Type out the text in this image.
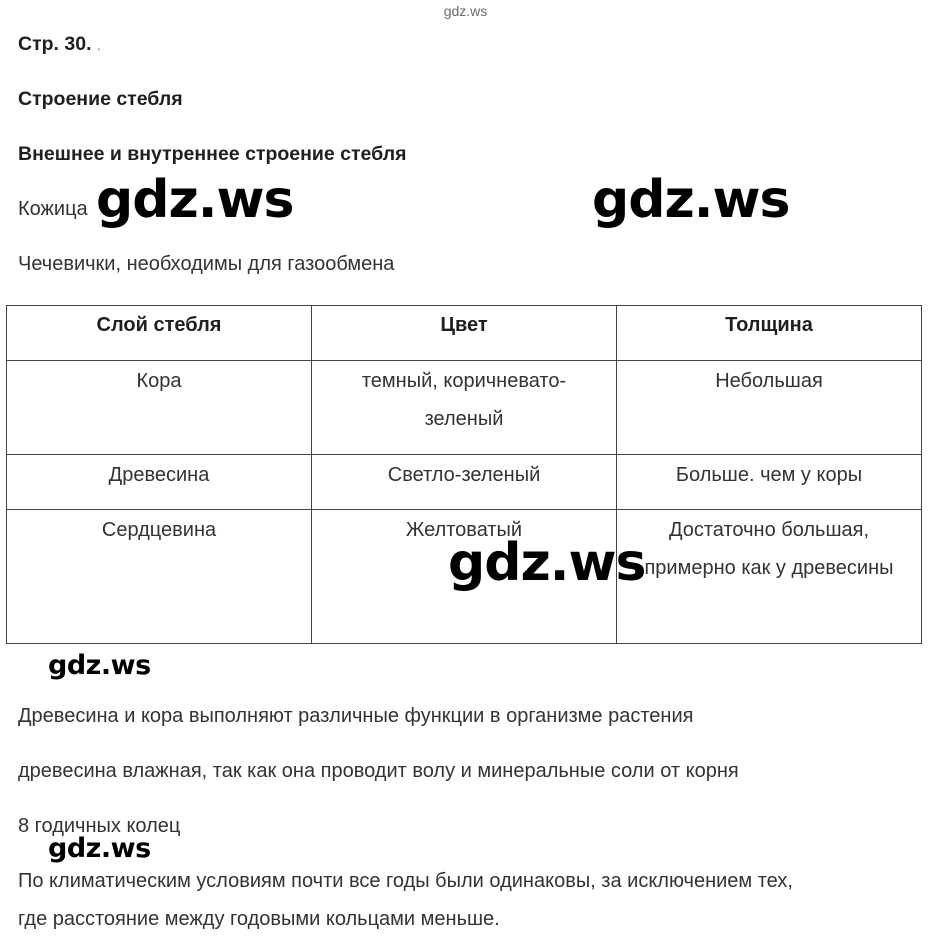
gdz.ws
Стр. 30. .
Строение стебля
Внешнее и внутреннее строение стебля
Кожица
Чечевички, необходимы для газообмена
Слой стебля	Цвет	Толщина
Кора	темный, коричневато-зеленый	Небольшая
Древесина	Светло-зеленый	Больше. чем у коры
Сердцевина	Желтоватый	Достаточно большая, примерно как у древесины
Древесина и кора выполняют различные функции в организме растения
древесина влажная, так как она проводит волу и минеральные соли от корня
8 годичных колец
По климатическим условиям почти все годы были одинаковы, за исключением тех,
где расстояние между годовыми кольцами меньше.
gdz.ws	gdz.ws
gdz.ws
gdz.ws
gdz.ws
